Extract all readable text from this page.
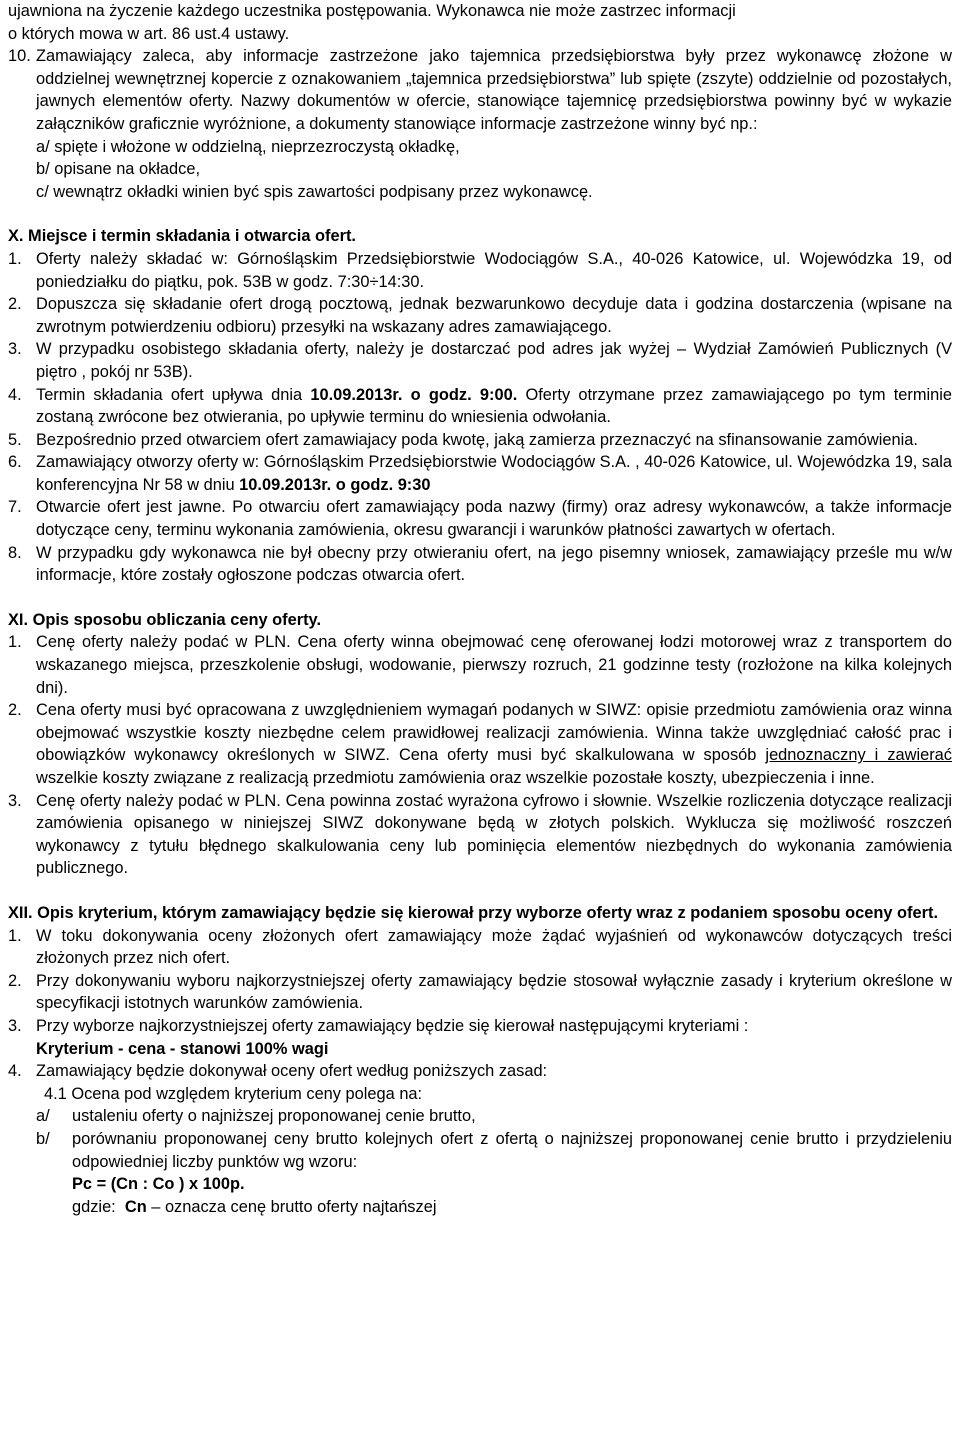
ujawniona na życzenie każdego uczestnika postępowania. Wykonawca nie może zastrzec informacji

o których mowa w art. 86 ust.4 ustawy.

10. Zamawiający zaleca, aby informacje zastrzeżone jako tajemnica przedsiębiorstwa były przez wykonawcę złożone w oddzielnej wewnętrznej kopercie z oznakowaniem „tajemnica przedsiębiorstwa” lub spięte (zszyte) oddzielnie od pozostałych, jawnych elementów oferty. Nazwy dokumentów w ofercie, stanowiące tajemnicę przedsiębiorstwa powinny być w wykazie załączników graficznie wyróżnione, a dokumenty stanowiące informacje zastrzeżone winny być np.:

a/ spięte i włożone w oddzielną, nieprzezroczystą okładkę,

b/ opisane na okładce,

c/ wewnątrz okładki winien być spis zawartości podpisany przez wykonawcę.

X. Miejsce i termin składania i otwarcia ofert.

1. Oferty należy składać w: Górnośląskim Przedsiębiorstwie Wodociągów S.A., 40-026 Katowice, ul. Wojewódzka 19, od poniedziałku do piątku, pok. 53B w godz. 7:30÷14:30.
2. Dopuszcza się składanie ofert drogą pocztową, jednak bezwarunkowo decyduje data i godzina dostarczenia (wpisane na zwrotnym potwierdzeniu odbioru) przesyłki na wskazany adres zamawiającego.
3. W przypadku osobistego składania oferty, należy je dostarczać pod adres jak wyżej – Wydział Zamówień Publicznych (V piętro , pokój nr 53B).
4. Termin składania ofert upływa dnia 10.09.2013r. o godz. 9:00. Oferty otrzymane przez zamawiającego po tym terminie zostaną zwrócone bez otwierania, po upływie terminu do wniesienia odwołania.
5. Bezpośrednio przed otwarciem ofert zamawiajacy poda kwotę, jaką zamierza przeznaczyć na sfinansowanie zamówienia.
6. Zamawiający otworzy oferty w: Górnośląskim Przedsiębiorstwie Wodociągów S.A. , 40-026 Katowice, ul. Wojewódzka 19, sala konferencyjna Nr 58 w dniu 10.09.2013r. o godz. 9:30
7. Otwarcie ofert jest jawne. Po otwarciu ofert zamawiający poda nazwy (firmy) oraz adresy wykonawców, a także informacje dotyczące ceny, terminu wykonania zamówienia, okresu gwarancji i warunków płatności zawartych w ofertach.
8. W przypadku gdy wykonawca nie był obecny przy otwieraniu ofert, na jego pisemny wniosek, zamawiający prześle mu w/w informacje, które zostały ogłoszone podczas otwarcia ofert.

XI. Opis sposobu obliczania ceny oferty.

1. Cenę oferty należy podać w PLN. Cena oferty winna obejmować cenę oferowanej łodzi motorowej wraz z transportem do wskazanego miejsca, przeszkolenie obsługi, wodowanie, pierwszy rozruch, 21 godzinne testy (rozłożone na kilka kolejnych dni).
2. Cena oferty musi być opracowana z uwzględnieniem wymagań podanych w SIWZ: opisie przedmiotu zamówienia oraz winna obejmować wszystkie koszty niezbędne celem prawidłowej realizacji zamówienia. Winna także uwzględniać całość prac i obowiązków wykonawcy określonych w SIWZ. Cena oferty musi być skalkulowana w sposób jednoznaczny i zawierać wszelkie koszty związane z realizacją przedmiotu zamówienia oraz wszelkie pozostałe koszty, ubezpieczenia i inne.
3. Cenę oferty należy podać w PLN. Cena powinna zostać wyrażona cyfrowo i słownie. Wszelkie rozliczenia dotyczące realizacji zamówienia opisanego w niniejszej SIWZ dokonywane będą w złotych polskich. Wyklucza się możliwość roszczeń wykonawcy z tytułu błędnego skalkulowania ceny lub pominięcia elementów niezbędnych do wykonania zamówienia publicznego.

XII. Opis kryterium, którym zamawiający będzie się kierował przy wyborze oferty wraz z podaniem sposobu oceny ofert.

1. W toku dokonywania oceny złożonych ofert zamawiający może żądać wyjaśnień od wykonawców dotyczących treści złożonych przez nich ofert.
2. Przy dokonywaniu wyboru najkorzystniejszej oferty zamawiający będzie stosował wyłącznie zasady i kryterium określone w specyfikacji istotnych warunków zamówienia.
3. Przy wyborze najkorzystniejszej oferty zamawiający będzie się kierował następującymi kryteriami :

Kryterium - cena - stanowi 100% wagi

4. Zamawiający będzie dokonywał oceny ofert według poniższych zasad:

4.1 Ocena pod względem kryterium ceny polega na:

a/ ustaleniu oferty o najniższej proponowanej cenie brutto,
b/ porównaniu proponowanej ceny brutto kolejnych ofert z ofertą o najniższej proponowanej cenie brutto i przydzieleniu odpowiedniej liczby punktów wg wzoru:

Pc = (Cn : Co ) x 100p.

gdzie:  Cn – oznacza cenę brutto oferty najtańszej
